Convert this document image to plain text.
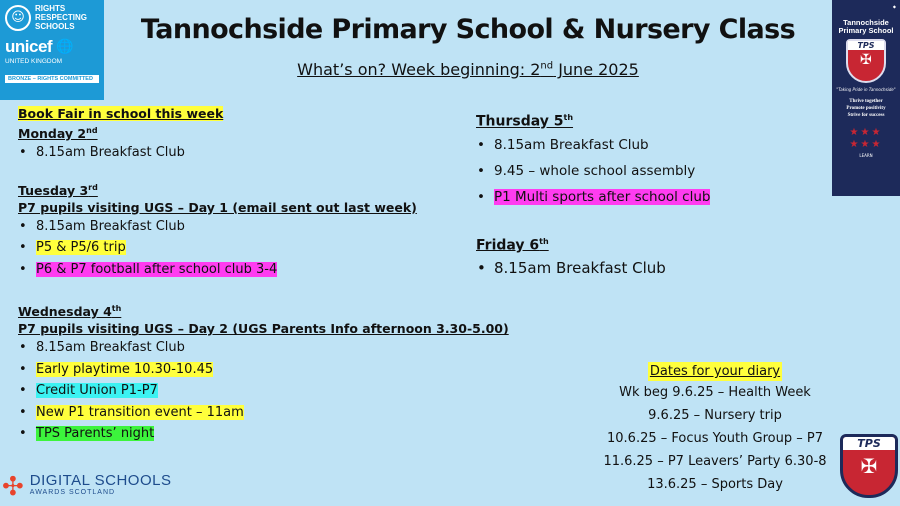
☺
RIGHTS
RESPECTING
SCHOOLS
unicef 🌐
UNITED KINGDOM
BRONZE – RIGHTS COMMITTED
Tannochside Primary School & Nursery Class
What’s on? Week beginning: 2nd June 2025
Book Fair in school this week
Monday 2nd
• 8.15am Breakfast Club
Tuesday 3rd
P7 pupils visiting UGS – Day 1 (email sent out last week)
• 8.15am Breakfast Club
• P5 & P5/6 trip
• P6 & P7 football after school club 3-4
Wednesday 4th
P7 pupils visiting UGS – Day 2 (UGS Parents Info afternoon 3.30-5.00)
• 8.15am Breakfast Club
• Early playtime 10.30-10.45
• Credit Union P1-P7
• New P1 transition event – 11am
• TPS Parents’ night
Thursday 5th
• 8.15am Breakfast Club
• 9.45 – whole school assembly
• P1 Multi sports after school club
Friday 6th
• 8.15am Breakfast Club
◆
Tannochside
Primary School
TPS
✠
"Taking Pride in Tannochside"
Thrive together
Promote positivity
Strive for success
★★★
★★★
LEARN
Dates for your diary
Wk beg 9.6.25 – Health Week
9.6.25 – Nursery trip
10.6.25 – Focus Youth Group – P7
11.6.25 – P7 Leavers’ Party 6.30-8
13.6.25 – Sports Day
✣ DIGITAL SCHOOLS
AWARDS SCOTLAND
TPS
✠
